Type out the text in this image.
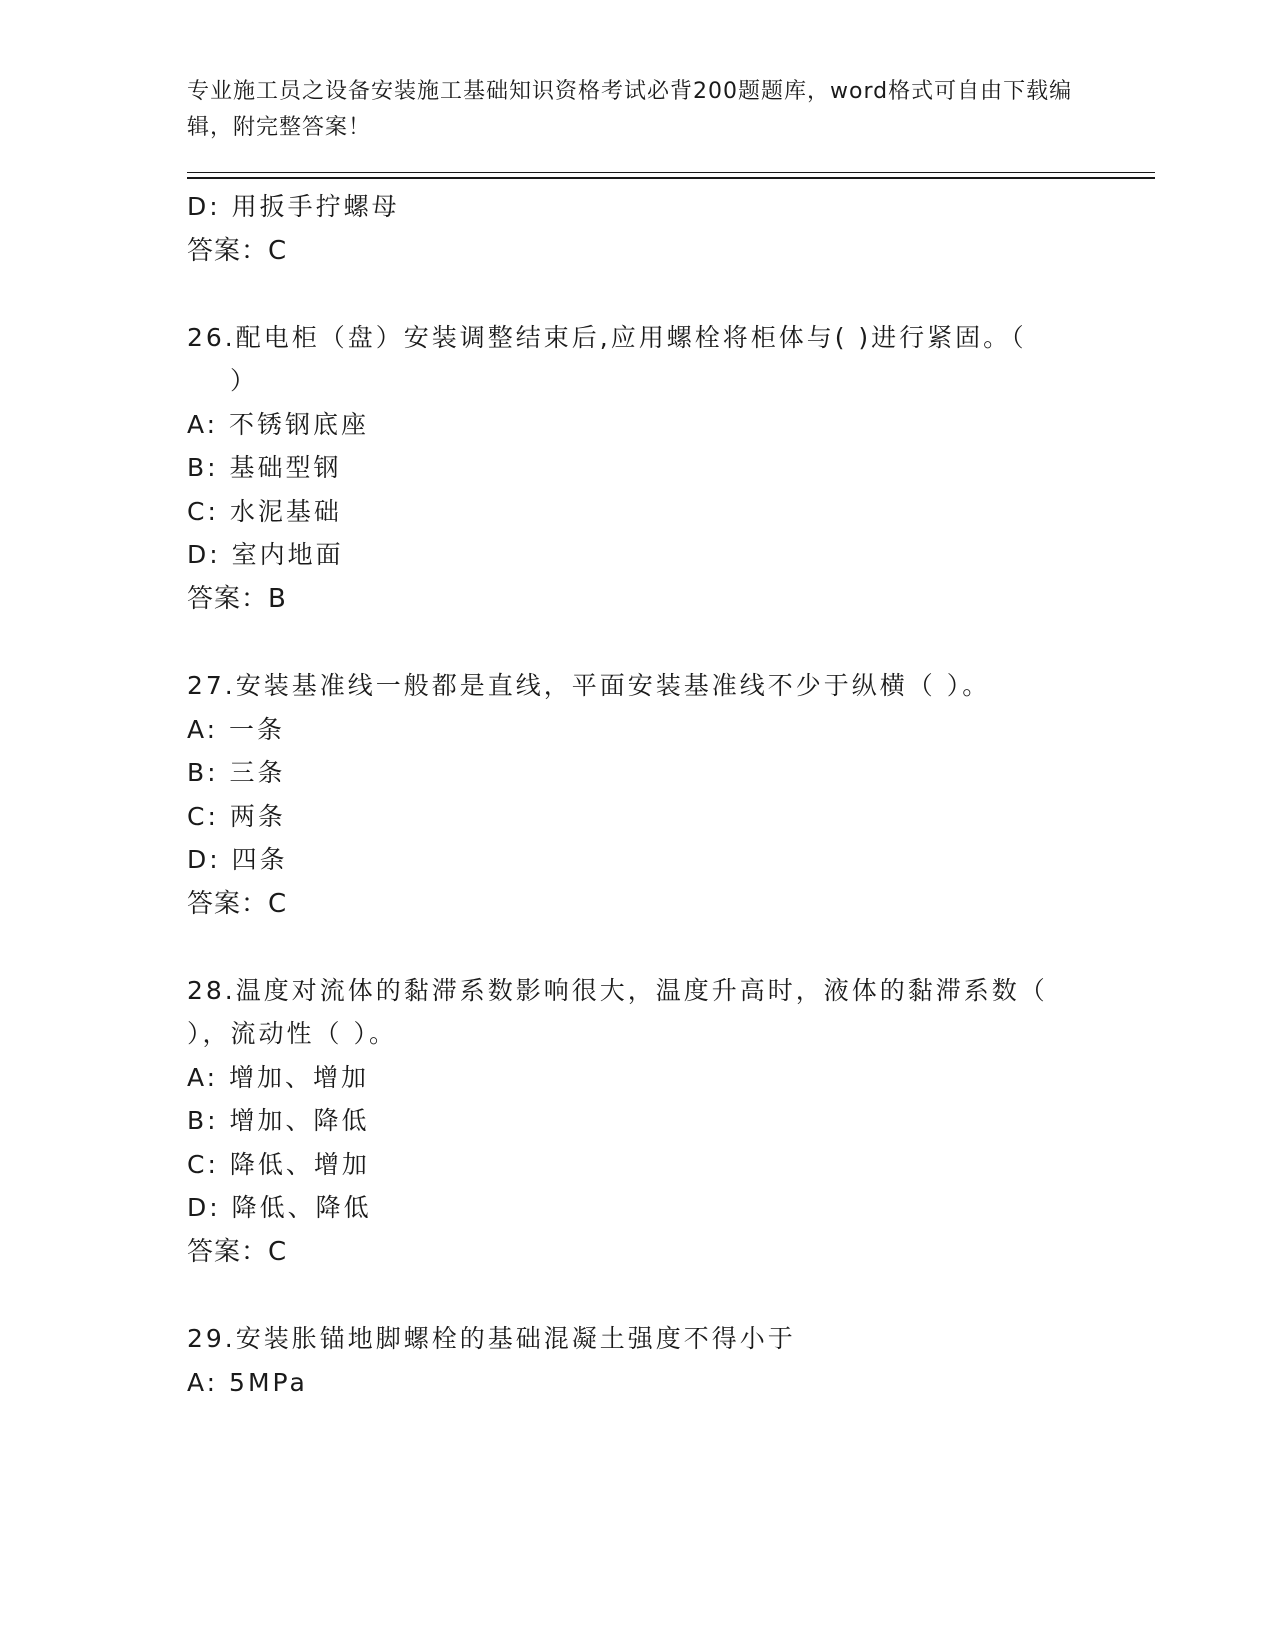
专业施工员之设备安装施工基础知识资格考试必背200题题库，word格式可自由下载编辑，附完整答案！
D: 用扳手拧螺母
答案：C
26.配电柜（盘）安装调整结束后,应用螺栓将柜体与( )进行紧固。（
）
A: 不锈钢底座
B: 基础型钢
C: 水泥基础
D: 室内地面
答案：B
27.安装基准线一般都是直线，平面安装基准线不少于纵横（ ）。
A: 一条
B: 三条
C: 两条
D: 四条
答案：C
28.温度对流体的黏滞系数影响很大，温度升高时，液体的黏滞系数（
），流动性（ ）。
A: 增加、增加
B: 增加、降低
C: 降低、增加
D: 降低、降低
答案：C
29.安装胀锚地脚螺栓的基础混凝土强度不得小于
A: 5MPa
